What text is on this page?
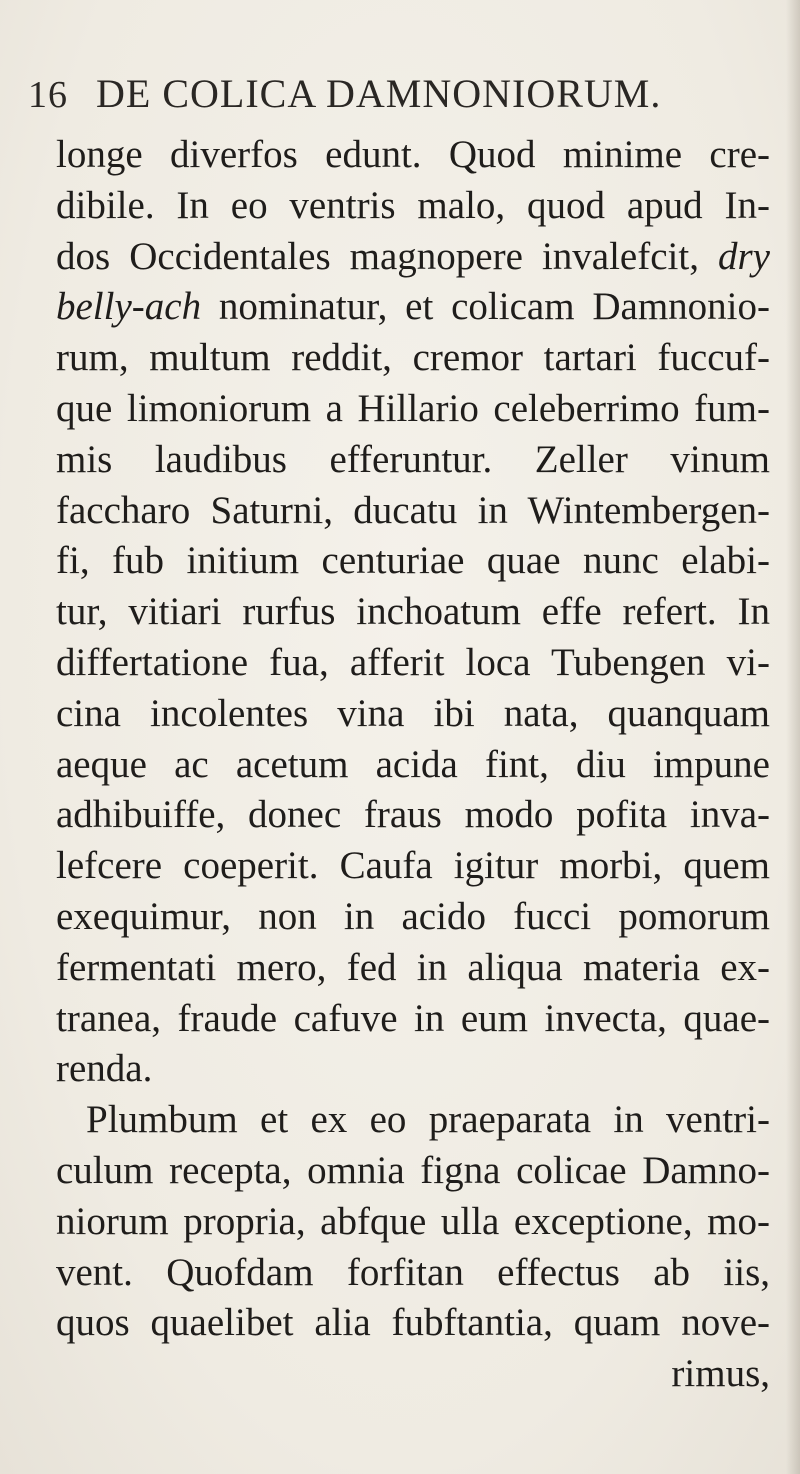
16 DE COLICA DAMNONIORUM.
longe diverfos edunt. Quod minime cre-
dibile. In eo ventris malo, quod apud In-
dos Occidentales magnopere invalefcit, dry
belly-ach nominatur, et colicam Damnonio-
rum, multum reddit, cremor tartari fuccuf-
que limoniorum a Hillario celeberrimo fum-
mis laudibus efferuntur. Zeller vinum
faccharo Saturni, ducatu in Wintembergen-
fi, fub initium centuriae quae nunc elabi-
tur, vitiari rurfus inchoatum effe refert. In
differtatione fua, afferit loca Tubengen vi-
cina incolentes vina ibi nata, quanquam
aeque ac acetum acida fint, diu impune
adhibuiffe, donec fraus modo pofita inva-
lefcere coeperit. Caufa igitur morbi, quem
exequimur, non in acido fucci pomorum
fermentati mero, fed in aliqua materia ex-
tranea, fraude cafuve in eum invecta, quae-
renda.
Plumbum et ex eo praeparata in ventri-
culum recepta, omnia figna colicae Damno-
niorum propria, abfque ulla exceptione, mo-
vent. Quofdam forfitan effectus ab iis,
quos quaelibet alia fubftantia, quam nove-
rimus,
